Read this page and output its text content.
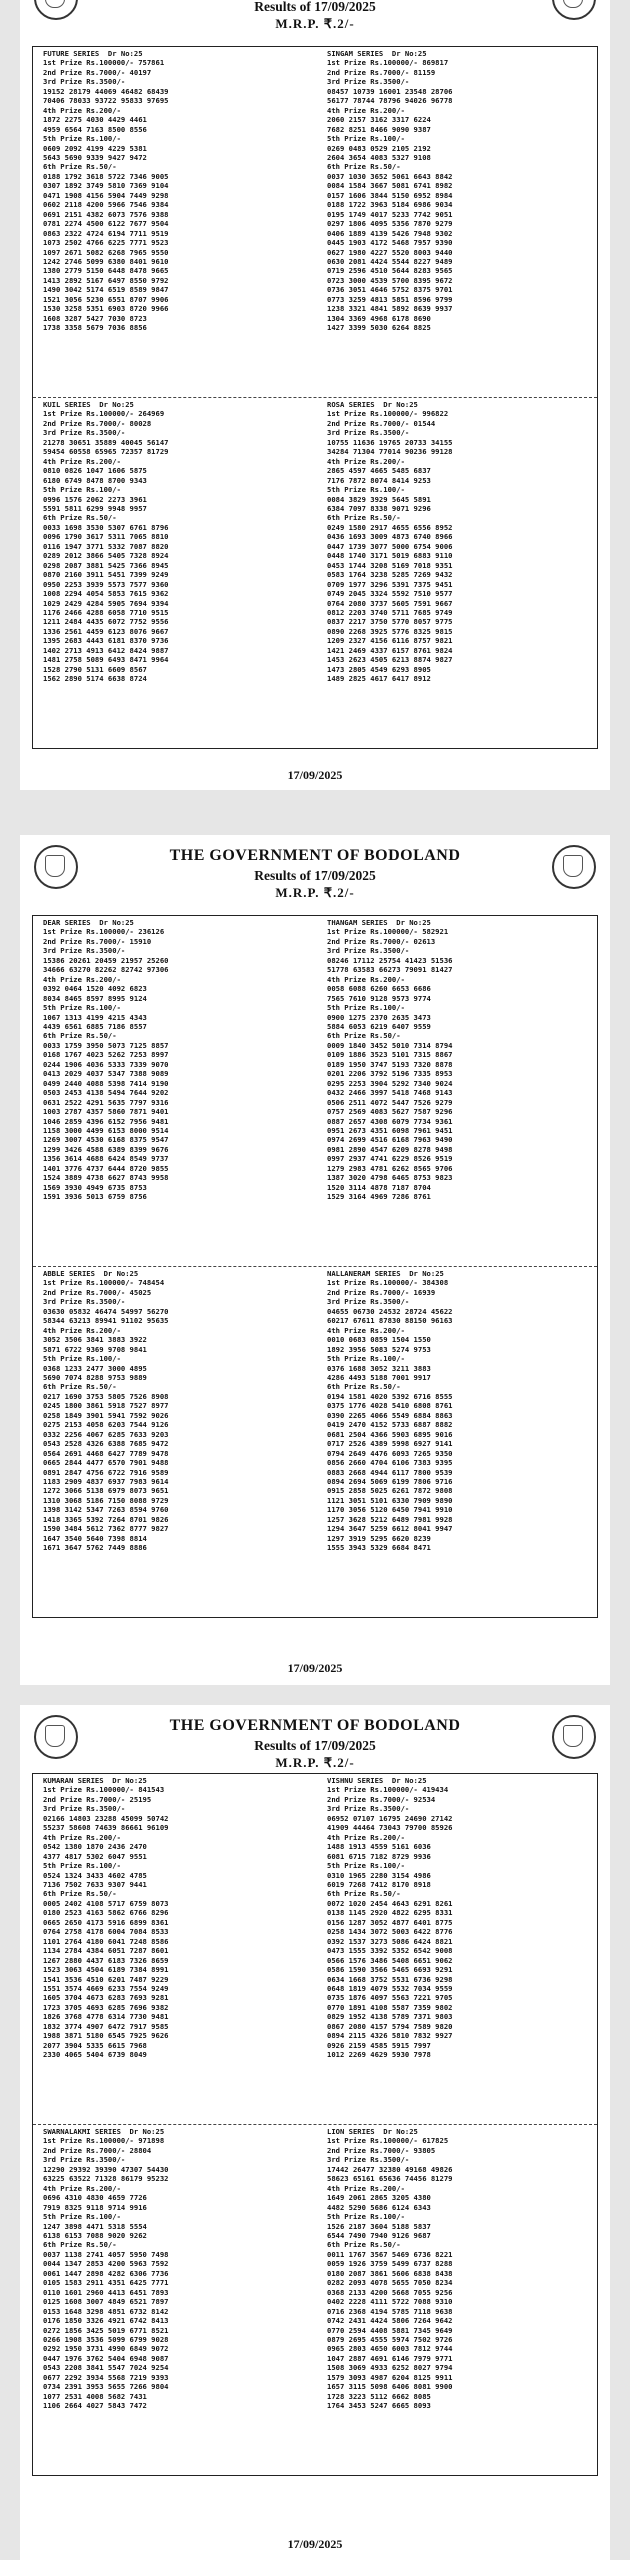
Results of 17/09/2025
M.R.P. ₹.2/-
FUTURE SERIES Dr No:25
1st Prize Rs.100000/- 757861
2nd Prize Rs.7000/- 40197
3rd Prize Rs.3500/-
19152 28179 44069 46482 68439
70406 78033 93722 95833 97695
4th Prize Rs.200/-
1872 2275 4030 4429 4461
4959 6564 7163 8500 8556
5th Prize Rs.100/-
0609 2092 4199 4229 5381
5643 5690 9339 9427 9472
6th Prize Rs.50/-
0188 1792 3618 5722 7346 9005
0307 1892 3749 5810 7369 9104
0471 1908 4156 5904 7449 9298
0602 2118 4200 5966 7546 9384
0691 2151 4382 6073 7576 9388
0781 2274 4500 6122 7677 9504
0863 2322 4724 6194 7711 9519
1073 2502 4766 6225 7771 9523
1097 2671 5082 6268 7965 9550
1242 2746 5099 6380 8401 9610
1380 2779 5150 6448 8478 9665
1413 2892 5167 6497 8550 9792
1490 3042 5174 6519 8589 9847
1521 3056 5230 6551 8707 9906
1530 3258 5351 6903 8720 9966
1608 3287 5427 7030 8723
1738 3358 5679 7036 8856
SINGAM SERIES Dr No:25
1st Prize Rs.100000/- 869817
2nd Prize Rs.7000/- 81159
3rd Prize Rs.3500/-
08457 10739 16001 23548 28706
56177 78744 78796 94026 96778
4th Prize Rs.200/-
2060 2157 3162 3317 6224
7682 8251 8466 9090 9387
5th Prize Rs.100/-
0269 0483 0529 2105 2192
2604 3654 4083 5327 9108
6th Prize Rs.50/-
0037 1030 3652 5061 6643 8842
0084 1584 3667 5081 6741 8982
0157 1606 3844 5150 6952 8984
0188 1722 3963 5184 6986 9034
0195 1749 4017 5233 7742 9051
0297 1806 4095 5356 7870 9279
0406 1889 4139 5426 7948 9302
0445 1903 4172 5468 7957 9390
0627 1980 4227 5520 8003 9440
0630 2081 4424 5544 8227 9489
0719 2596 4510 5644 8283 9565
0723 3000 4539 5700 8395 9672
0736 3051 4646 5752 8375 9701
0773 3259 4813 5851 8596 9799
1238 3321 4841 5892 8639 9937
1304 3369 4968 6178 8690
1427 3399 5030 6264 8825
KUIL SERIES Dr No:25
1st Prize Rs.100000/- 264969
2nd Prize Rs.7000/- 80028
3rd Prize Rs.3500/-
21278 30651 35889 40045 56147
59454 60558 65965 72357 81729
4th Prize Rs.200/-
0810 0826 1047 1606 5875
6180 6749 8478 8700 9343
5th Prize Rs.100/-
0996 1576 2062 2273 3961
5591 5811 6299 9948 9957
6th Prize Rs.50/-
0033 1698 3530 5307 6761 8796
0096 1790 3617 5311 7065 8810
0116 1947 3771 5332 7087 8820
0289 2012 3866 5405 7328 8924
0298 2087 3881 5425 7366 8945
0870 2160 3911 5451 7399 9249
0950 2253 3939 5573 7577 9360
1008 2294 4054 5853 7615 9362
1029 2429 4284 5905 7694 9394
1176 2466 4288 6058 7710 9515
1211 2484 4435 6072 7752 9556
1336 2561 4459 6123 8076 9667
1395 2683 4443 6181 8370 9736
1402 2713 4913 6412 8424 9887
1481 2758 5089 6493 8471 9964
1528 2790 5131 6609 8567
1562 2890 5174 6638 8724
ROSA SERIES Dr No:25
1st Prize Rs.100000/- 996822
2nd Prize Rs.7000/- 01544
3rd Prize Rs.3500/-
10755 11636 19765 20733 34155
34284 71304 77014 90236 99128
4th Prize Rs.200/-
2865 4597 4665 5485 6837
7176 7872 8074 8414 9253
5th Prize Rs.100/-
0084 3829 3929 5645 5891
6384 7097 8338 9071 9296
6th Prize Rs.50/-
0249 1580 2917 4655 6556 8952
0436 1693 3009 4873 6740 8966
0447 1739 3077 5000 6754 9006
0448 1740 3171 5019 6883 9110
0453 1744 3208 5169 7018 9351
0583 1764 3238 5285 7269 9432
0709 1977 3296 5391 7375 9451
0749 2045 3324 5592 7510 9577
0764 2080 3737 5605 7591 9667
0812 2203 3740 5711 7685 9749
0837 2217 3750 5770 8057 9775
0890 2268 3925 5776 8325 9815
1209 2327 4156 6116 8757 9821
1421 2469 4337 6157 8761 9824
1453 2623 4505 6213 8874 9827
1473 2805 4549 6293 8905
1489 2825 4617 6417 8912
17/09/2025
THE GOVERNMENT OF BODOLAND
Results of 17/09/2025
M.R.P. ₹.2/-
DEAR SERIES Dr No:25
1st Prize Rs.100000/- 236126
2nd Prize Rs.7000/- 15910
3rd Prize Rs.3500/-
15386 20261 20459 21957 25260
34666 63270 82262 82742 97306
4th Prize Rs.200/-
0392 0464 1520 4092 6823
8034 8465 8597 8995 9124
5th Prize Rs.100/-
1067 1313 4199 4215 4343
4439 6561 6885 7186 8557
6th Prize Rs.50/-
0033 1759 3950 5073 7125 8857
0168 1767 4023 5262 7253 8997
0244 1906 4036 5333 7339 9070
0413 2029 4037 5347 7388 9089
0499 2440 4088 5398 7414 9190
0503 2453 4138 5494 7644 9202
0631 2522 4291 5635 7797 9316
1003 2787 4357 5860 7871 9401
1046 2859 4396 6152 7956 9481
1158 3000 4499 6153 8000 9514
1269 3007 4530 6168 8375 9547
1299 3426 4588 6389 8399 9676
1356 3614 4688 6424 8549 9737
1401 3776 4737 6444 8720 9855
1524 3889 4738 6627 8743 9958
1569 3930 4949 6735 8753
1591 3936 5013 6759 8756
THANGAM SERIES Dr No:25
1st Prize Rs.100000/- 582921
2nd Prize Rs.7000/- 02613
3rd Prize Rs.3500/-
08246 17112 25754 41423 51536
51778 63583 66273 79091 81427
4th Prize Rs.200/-
0058 6088 6260 6653 6686
7565 7610 9128 9573 9774
5th Prize Rs.100/-
0900 1275 2370 2635 3473
5884 6053 6219 6407 9559
6th Prize Rs.50/-
0009 1840 3452 5010 7314 8794
0109 1886 3523 5101 7315 8867
0189 1950 3747 5193 7320 8878
0201 2206 3792 5196 7335 8953
0295 2253 3904 5292 7340 9024
0432 2466 3997 5418 7468 9143
0506 2511 4072 5447 7526 9279
0757 2569 4083 5627 7587 9296
0887 2657 4308 6079 7734 9361
0951 2673 4351 6098 7961 9451
0974 2699 4516 6168 7963 9490
0981 2890 4547 6209 8278 9498
0997 2937 4741 6229 8526 9519
1279 2983 4781 6262 8565 9706
1387 3020 4798 6465 8753 9823
1520 3114 4878 7187 8704
1529 3164 4969 7286 8761
ABBLE SERIES Dr No:25
1st Prize Rs.100000/- 748454
2nd Prize Rs.7000/- 45025
3rd Prize Rs.3500/-
03630 05832 46474 54997 56270
58344 63213 89941 91102 95635
4th Prize Rs.200/-
3052 3506 3841 3883 3922
5871 6722 9369 9708 9841
5th Prize Rs.100/-
0368 1233 2477 3000 4895
5690 7074 8288 9753 9889
6th Prize Rs.50/-
0217 1690 3753 5805 7526 8908
0245 1800 3861 5918 7527 8977
0258 1849 3901 5941 7592 9026
0275 2153 4058 6203 7544 9126
0332 2256 4067 6285 7633 9203
0543 2528 4326 6388 7685 9472
0564 2691 4468 6427 7789 9478
0665 2844 4477 6570 7901 9488
0891 2847 4756 6722 7916 9589
1183 2909 4837 6937 7983 9614
1272 3066 5138 6979 8073 9651
1310 3068 5186 7150 8088 9729
1398 3142 5347 7263 8594 9760
1418 3365 5392 7264 8701 9826
1590 3484 5612 7362 8777 9827
1647 3540 5640 7398 8814
1671 3647 5762 7449 8886
NALLANERAM SERIES Dr No:25
1st Prize Rs.100000/- 384308
2nd Prize Rs.7000/- 16939
3rd Prize Rs.3500/-
04655 06730 24532 28724 45622
60217 67611 87830 88150 96163
4th Prize Rs.200/-
0010 0683 0859 1504 1550
1892 3956 5083 5274 9753
5th Prize Rs.100/-
0376 1688 3052 3211 3883
4286 4493 5188 7001 9917
6th Prize Rs.50/-
0194 1581 4020 5392 6716 8555
0375 1776 4028 5410 6808 8761
0390 2265 4066 5549 6884 8863
0419 2470 4152 5733 6887 8882
0681 2504 4366 5903 6895 9016
0717 2526 4389 5998 6927 9141
0794 2649 4476 6093 7265 9350
0856 2660 4704 6106 7383 9395
0883 2668 4944 6117 7800 9539
0894 2694 5069 6199 7806 9716
0915 2858 5025 6261 7872 9808
1121 3051 5101 6330 7909 9890
1170 3056 5120 6450 7941 9910
1257 3628 5212 6489 7981 9928
1294 3647 5259 6612 8041 9947
1297 3919 5295 6620 8239
1555 3943 5329 6684 8471
17/09/2025
THE GOVERNMENT OF BODOLAND
Results of 17/09/2025
M.R.P. ₹.2/-
KUMARAN SERIES Dr No:25
1st Prize Rs.100000/- 841543
2nd Prize Rs.7000/- 25195
3rd Prize Rs.3500/-
02166 14803 23288 45099 50742
55237 58608 74639 86661 96109
4th Prize Rs.200/-
0542 1380 1870 2436 2470
4377 4817 5302 6047 9551
5th Prize Rs.100/-
0524 1324 3433 4602 4785
7136 7502 7633 9307 9441
6th Prize Rs.50/-
0005 2402 4108 5717 6759 8073
0180 2523 4163 5862 6766 8296
0665 2650 4173 5916 6899 8361
0764 2758 4178 6004 7084 8533
1101 2764 4180 6041 7248 8586
1134 2784 4384 6051 7287 8601
1267 2880 4437 6183 7326 8659
1523 3063 4504 6189 7384 8991
1541 3536 4510 6201 7487 9229
1551 3574 4669 6233 7554 9249
1605 3704 4673 6283 7693 9281
1723 3705 4693 6285 7696 9382
1826 3768 4778 6314 7730 9481
1832 3774 4907 6472 7917 9585
1988 3871 5180 6545 7925 9626
2077 3904 5335 6615 7968
2330 4065 5404 6739 8049
VISHNU SERIES Dr No:25
1st Prize Rs.100000/- 419434
2nd Prize Rs.7000/- 92534
3rd Prize Rs.3500/-
06952 07107 16795 24690 27142
41909 44464 73043 79700 85926
4th Prize Rs.200/-
1488 1913 4559 5161 6036
6081 6715 7182 8729 9936
5th Prize Rs.100/-
0310 1965 2280 3154 4986
6019 7268 7412 8170 8918
6th Prize Rs.50/-
0072 1020 2454 4643 6291 8261
0138 1145 2920 4822 6295 8331
0156 1287 3052 4877 6401 8775
0258 1434 3072 5003 6422 8776
0392 1537 3273 5086 6424 8821
0473 1555 3392 5352 6542 9008
0566 1576 3486 5408 6651 9062
0586 1590 3566 5465 6693 9291
0634 1668 3752 5531 6736 9298
0648 1819 4079 5532 7034 9559
0735 1876 4097 5563 7221 9705
0770 1891 4108 5587 7359 9802
0829 1952 4138 5789 7371 9803
0867 2080 4157 5794 7589 9820
0894 2115 4326 5810 7832 9927
0926 2159 4585 5915 7997
1012 2269 4629 5930 7978
SWARNALAKMI SERIES Dr No:25
1st Prize Rs.100000/- 971898
2nd Prize Rs.7000/- 28804
3rd Prize Rs.3500/-
12290 29392 39390 47307 54430
63225 63522 71328 86179 95232
4th Prize Rs.200/-
0696 4310 4830 4659 7726
7919 8325 9118 9714 9916
5th Prize Rs.100/-
1247 3898 4471 5318 5554
6138 6153 7088 9020 9262
6th Prize Rs.50/-
0037 1138 2741 4057 5950 7498
0044 1347 2853 4200 5963 7592
0061 1447 2898 4282 6306 7736
0105 1583 2911 4351 6425 7771
0110 1601 2960 4413 6451 7893
0125 1608 3007 4849 6521 7897
0153 1648 3298 4851 6732 8142
0176 1850 3326 4921 6742 8413
0272 1856 3425 5019 6771 8521
0266 1908 3536 5099 6799 9028
0292 1950 3731 4990 6849 9072
0447 1976 3762 5404 6948 9087
0543 2208 3841 5547 7024 9254
0677 2292 3934 5568 7219 9393
0734 2391 3953 5655 7266 9804
1077 2531 4008 5682 7431
1106 2664 4027 5843 7472
LION SERIES Dr No:25
1st Prize Rs.100000/- 617825
2nd Prize Rs.7000/- 93805
3rd Prize Rs.3500/-
17442 26477 32380 49168 49826
58623 65161 65636 74456 81279
4th Prize Rs.200/-
1649 2061 2865 3205 4380
4482 5290 5686 6124 6343
5th Prize Rs.100/-
1526 2187 3604 5188 5837
6544 7490 7940 9126 9687
6th Prize Rs.50/-
0011 1767 3567 5469 6736 8221
0059 1926 3759 5499 6737 8288
0180 2087 3861 5606 6838 8438
0282 2093 4078 5655 7050 8234
0368 2133 4200 5668 7055 9256
0402 2228 4111 5722 7088 9310
0716 2368 4194 5785 7118 9638
0742 2431 4424 5806 7264 9642
0770 2594 4408 5881 7345 9649
0879 2695 4555 5974 7502 9726
0965 2803 4650 6003 7812 9744
1047 2887 4691 6146 7979 9771
1508 3069 4933 6252 8027 9794
1579 3093 4987 6204 8125 9911
1657 3115 5098 6406 8081 9900
1728 3223 5112 6662 8085
1764 3453 5247 6665 8093
17/09/2025
